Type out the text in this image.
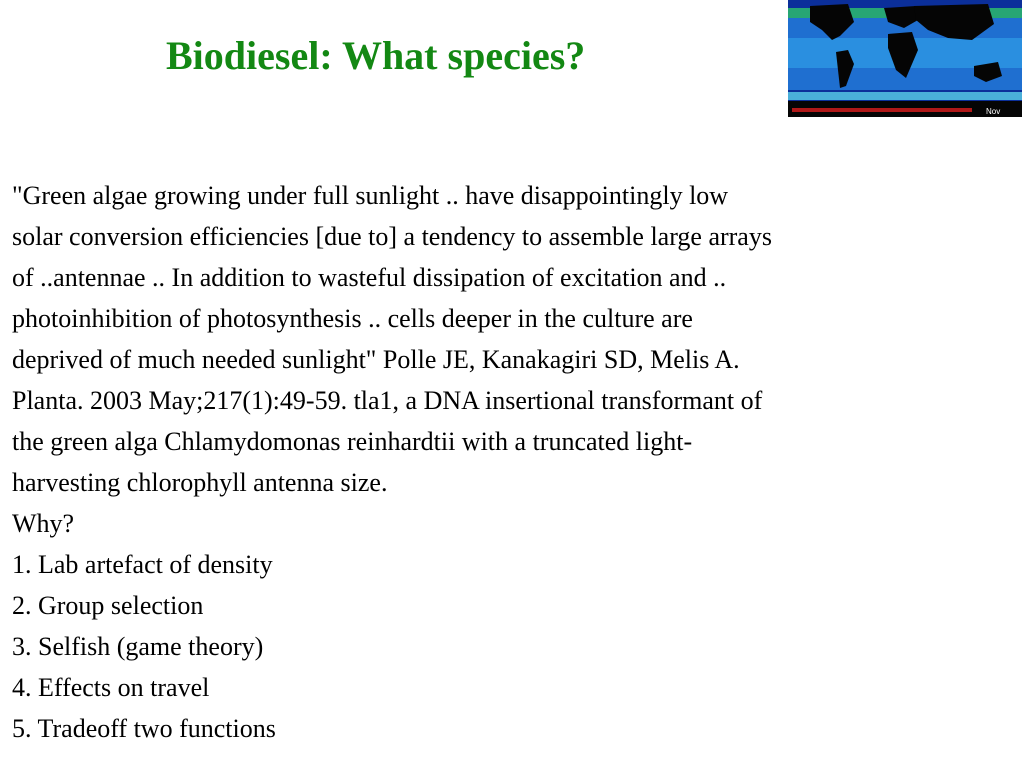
Biodiesel: What species?
Nov
"Green algae growing under full sunlight .. have disappointingly low
solar conversion efficiencies [due to] a tendency to assemble large arrays
of ..antennae .. In addition to wasteful dissipation of excitation and ..
photoinhibition of photosynthesis .. cells deeper in the culture are
deprived of much needed sunlight" Polle JE, Kanakagiri SD, Melis A.
Planta. 2003 May;217(1):49-59. tla1, a DNA insertional transformant of
the green alga Chlamydomonas reinhardtii with a truncated light-
harvesting chlorophyll antenna size.
Why?
1. Lab artefact of density
2. Group selection
3. Selfish (game theory)
4. Effects on travel
5. Tradeoff two functions
